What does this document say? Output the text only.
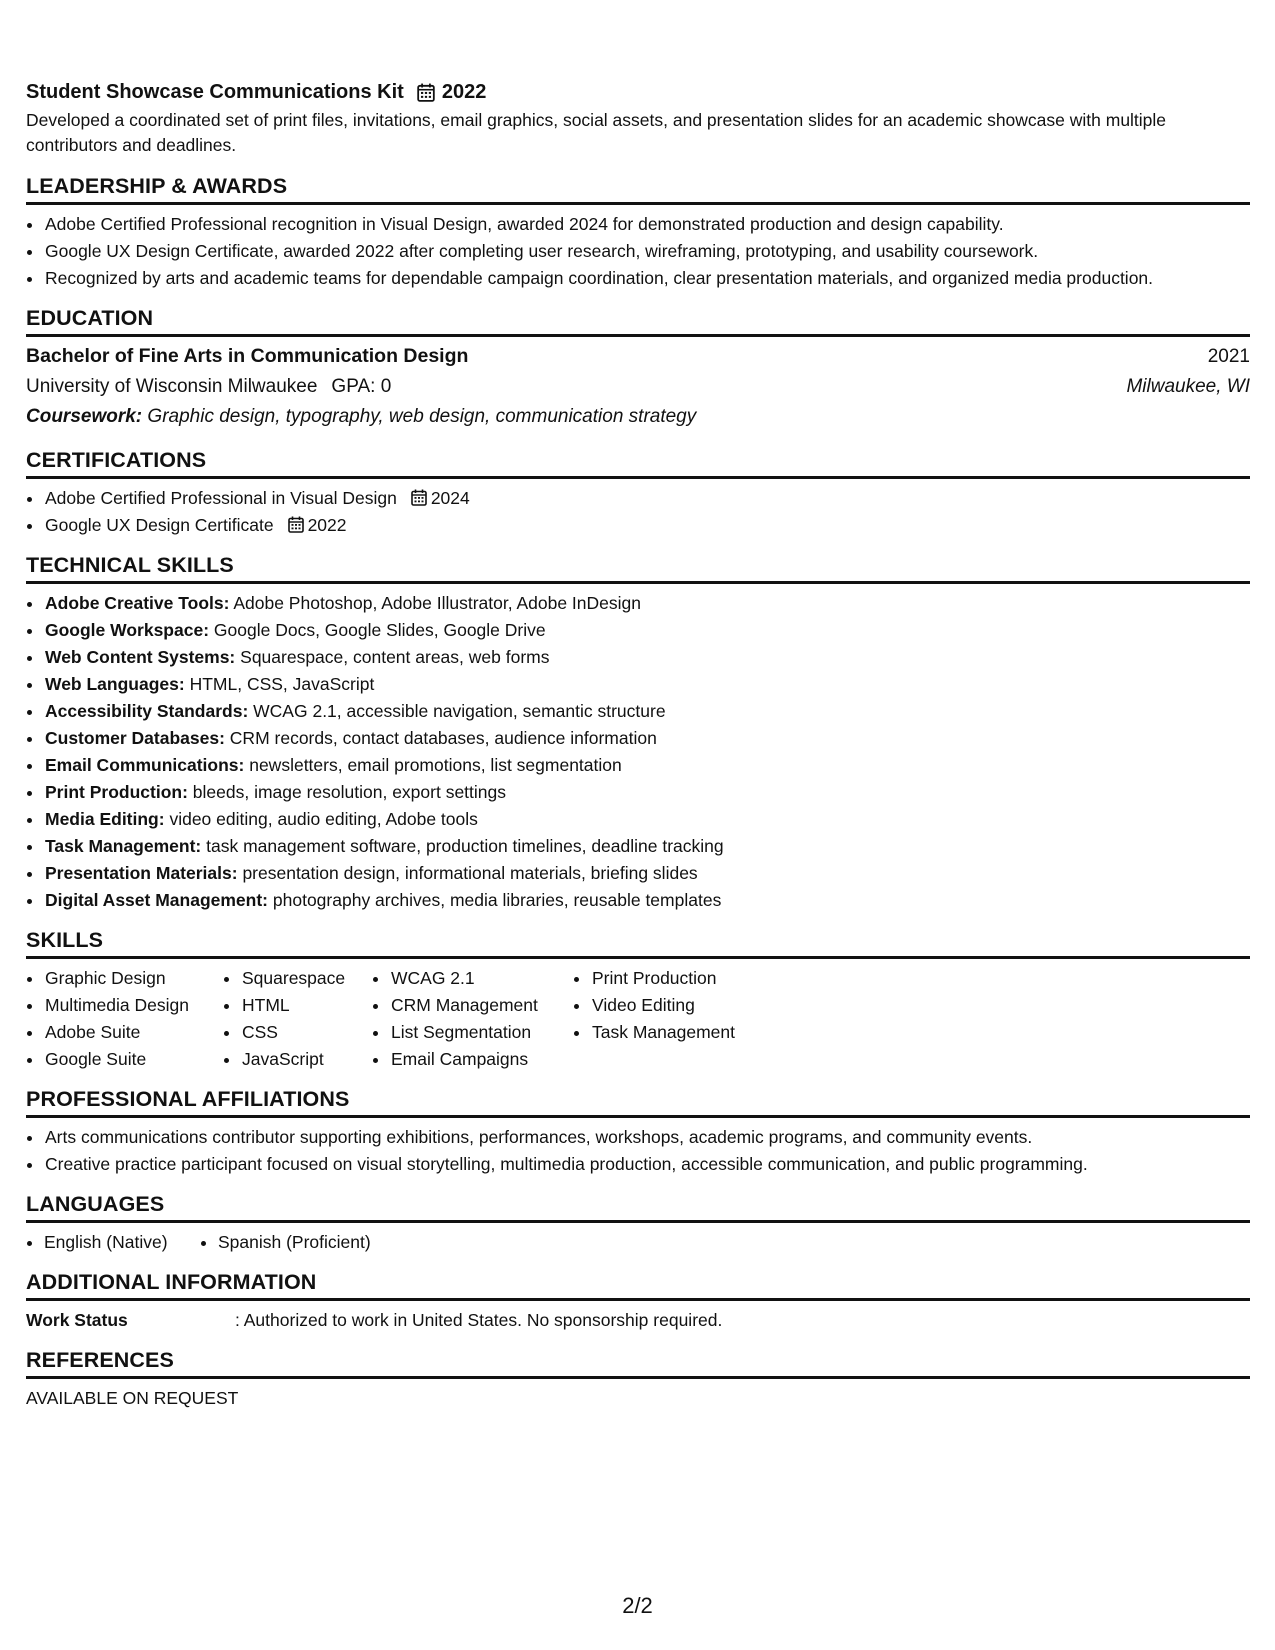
Student Showcase Communications Kit 2022

Developed a coordinated set of print files, invitations, email graphics, social assets, and presentation slides for an academic showcase with multiple contributors and deadlines.

LEADERSHIP & AWARDS
• Adobe Certified Professional recognition in Visual Design, awarded 2024 for demonstrated production and design capability.
• Google UX Design Certificate, awarded 2022 after completing user research, wireframing, prototyping, and usability coursework.
• Recognized by arts and academic teams for dependable campaign coordination, clear presentation materials, and organized media production.
EDUCATION
Bachelor of Fine Arts in Communication Design	2021
University of Wisconsin Milwaukee GPA: 0	Milwaukee, WI
Coursework: Graphic design, typography, web design, communication strategy
CERTIFICATIONS
• Adobe Certified Professional in Visual Design 2024
• Google UX Design Certificate 2022
TECHNICAL SKILLS
• Adobe Creative Tools: Adobe Photoshop, Adobe Illustrator, Adobe InDesign
• Google Workspace: Google Docs, Google Slides, Google Drive
• Web Content Systems: Squarespace, content areas, web forms
• Web Languages: HTML, CSS, JavaScript
• Accessibility Standards: WCAG 2.1, accessible navigation, semantic structure
• Customer Databases: CRM records, contact databases, audience information
• Email Communications: newsletters, email promotions, list segmentation
• Print Production: bleeds, image resolution, export settings
• Media Editing: video editing, audio editing, Adobe tools
• Task Management: task management software, production timelines, deadline tracking
• Presentation Materials: presentation design, informational materials, briefing slides
• Digital Asset Management: photography archives, media libraries, reusable templates
SKILLS
• Graphic Design
• Multimedia Design
• Adobe Suite
• Google Suite
• Squarespace
• HTML
• CSS
• JavaScript
• WCAG 2.1
• CRM Management
• List Segmentation
• Email Campaigns
• Print Production
• Video Editing
• Task Management
PROFESSIONAL AFFILIATIONS
• Arts communications contributor supporting exhibitions, performances, workshops, academic programs, and community events.
• Creative practice participant focused on visual storytelling, multimedia production, accessible communication, and public programming.
LANGUAGES
• English (Native)
•	Spanish (Proficient)
ADDITIONAL INFORMATION
Work Status	: Authorized to work in United States. No sponsorship required.
REFERENCES
AVAILABLE ON REQUEST
2/2
